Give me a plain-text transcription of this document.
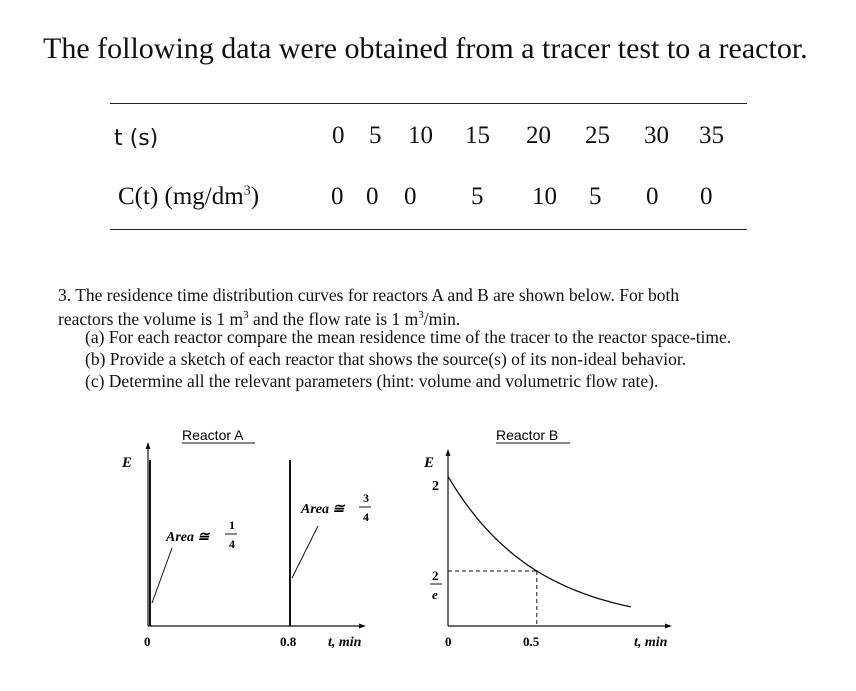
The following data were obtained from a tracer test to a reactor.
t (s)	0 5 10 15 20 25 30 35
C(t) $(mg/dm^3)$	0 0 0 5 10 5 0 0
3. The residence time distribution curves for reactors A and B are shown below. For both
reactors the volume is 1 $m^3$ and the flow rate is 1 $m^3/\min$.
(a) For each reactor compare the mean residence time of the tracer to the reactor space-time.
(b) Provide a sketch of each reactor that shows the source(s) of its non-ideal behavior.
(c) Determine all the relevant parameters (hint: volume and volumetric flow rate).
Reactor A
E
Area ≅
1
4
Area ≅
3
4
0	0.8 t, min
Reactor B
E
2
2
e
0	0.5	t, min
